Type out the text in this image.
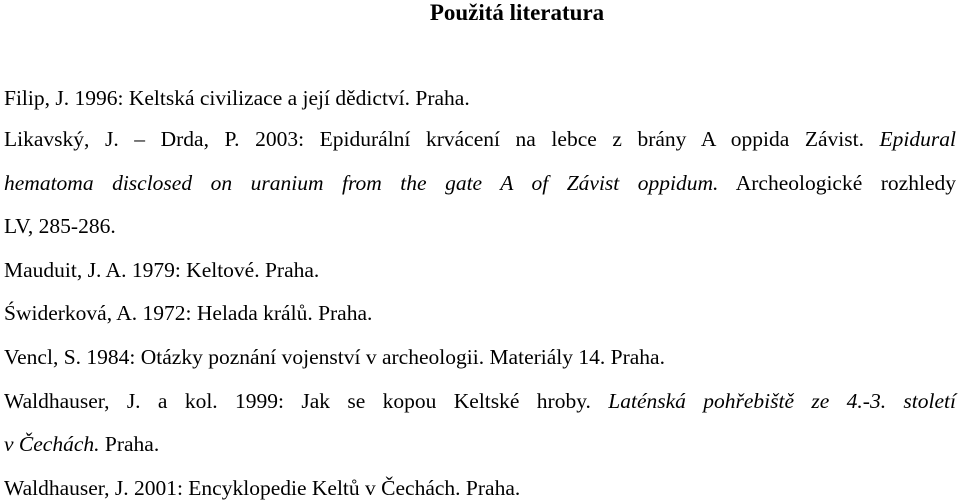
Použitá literatura
Filip, J. 1996: Keltská civilizace a její dědictví. Praha.
Likavský, J. – Drda, P. 2003: Epidurální krvácení na lebce z brány A oppida Závist. Epidural
hematoma disclosed on uranium from the gate A of Závist oppidum. Archeologické rozhledy
LV, 285-286.
Mauduit, J. A. 1979: Keltové. Praha.
Świderková, A. 1972: Helada králů. Praha.
Vencl, S. 1984: Otázky poznání vojenství v archeologii. Materiály 14. Praha.
Waldhauser, J. a kol. 1999: Jak se kopou Keltské hroby. Laténská pohřebiště ze 4.-3. století
v Čechách. Praha.
Waldhauser, J. 2001: Encyklopedie Keltů v Čechách. Praha.
